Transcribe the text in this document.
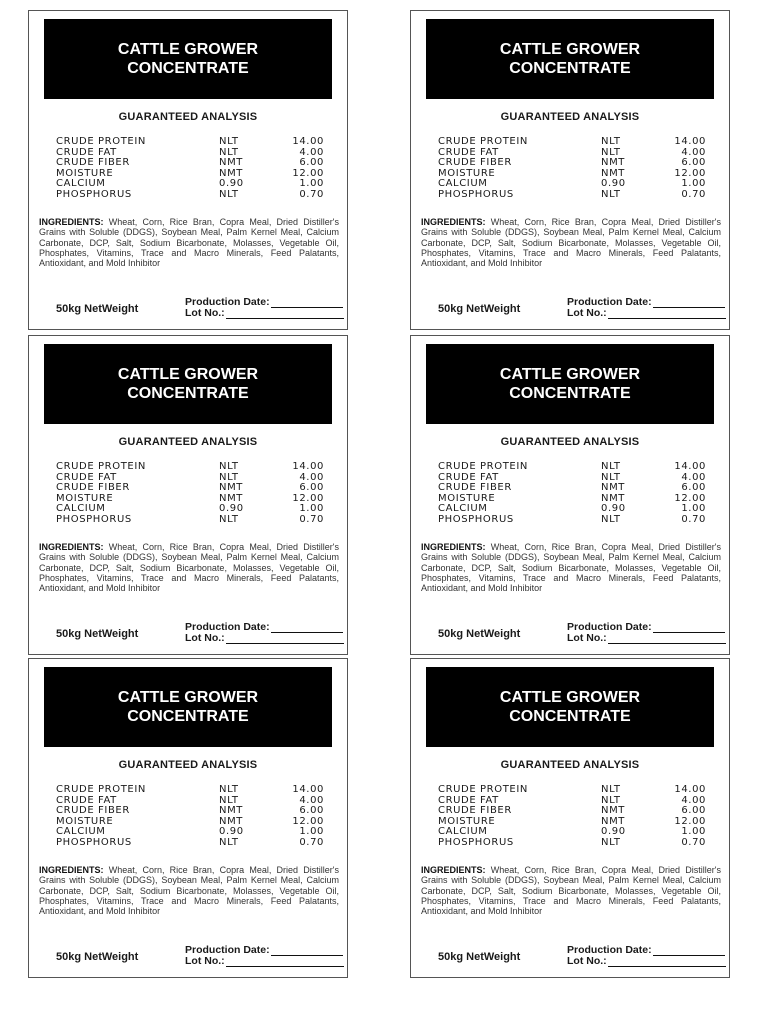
CATTLE GROWER
CONCENTRATE
GUARANTEED ANALYSIS
CRUDE PROTEIN	NLT	14.00
CRUDE FAT	NLT	4.00
CRUDE FIBER	NMT	6.00
MOISTURE	NMT	12.00
CALCIUM	0.90	1.00
PHOSPHORUS	NLT	0.70
INGREDIENTS: Wheat, Corn, Rice Bran, Copra Meal, Dried Distiller's Grains with Soluble (DDGS), Soybean Meal, Palm Kernel Meal, Calcium Carbonate, DCP, Salt, Sodium Bicarbonate, Molasses, Vegetable Oil, Phosphates, Vitamins, Trace and Macro Minerals, Feed Palatants, Antioxidant, and Mold Inhibitor
50kg NetWeight
Production Date:
Lot No.:
CATTLE GROWER
CONCENTRATE
GUARANTEED ANALYSIS
CRUDE PROTEIN	NLT	14.00
CRUDE FAT	NLT	4.00
CRUDE FIBER	NMT	6.00
MOISTURE	NMT	12.00
CALCIUM	0.90	1.00
PHOSPHORUS	NLT	0.70
INGREDIENTS: Wheat, Corn, Rice Bran, Copra Meal, Dried Distiller's Grains with Soluble (DDGS), Soybean Meal, Palm Kernel Meal, Calcium Carbonate, DCP, Salt, Sodium Bicarbonate, Molasses, Vegetable Oil, Phosphates, Vitamins, Trace and Macro Minerals, Feed Palatants, Antioxidant, and Mold Inhibitor
50kg NetWeight
Production Date:
Lot No.:
CATTLE GROWER
CONCENTRATE
GUARANTEED ANALYSIS
CRUDE PROTEIN	NLT	14.00
CRUDE FAT	NLT	4.00
CRUDE FIBER	NMT	6.00
MOISTURE	NMT	12.00
CALCIUM	0.90	1.00
PHOSPHORUS	NLT	0.70
INGREDIENTS: Wheat, Corn, Rice Bran, Copra Meal, Dried Distiller's Grains with Soluble (DDGS), Soybean Meal, Palm Kernel Meal, Calcium Carbonate, DCP, Salt, Sodium Bicarbonate, Molasses, Vegetable Oil, Phosphates, Vitamins, Trace and Macro Minerals, Feed Palatants, Antioxidant, and Mold Inhibitor
50kg NetWeight
Production Date:
Lot No.:
CATTLE GROWER
CONCENTRATE
GUARANTEED ANALYSIS
CRUDE PROTEIN	NLT	14.00
CRUDE FAT	NLT	4.00
CRUDE FIBER	NMT	6.00
MOISTURE	NMT	12.00
CALCIUM	0.90	1.00
PHOSPHORUS	NLT	0.70
INGREDIENTS: Wheat, Corn, Rice Bran, Copra Meal, Dried Distiller's Grains with Soluble (DDGS), Soybean Meal, Palm Kernel Meal, Calcium Carbonate, DCP, Salt, Sodium Bicarbonate, Molasses, Vegetable Oil, Phosphates, Vitamins, Trace and Macro Minerals, Feed Palatants, Antioxidant, and Mold Inhibitor
50kg NetWeight
Production Date:
Lot No.:
CATTLE GROWER
CONCENTRATE
GUARANTEED ANALYSIS
CRUDE PROTEIN	NLT	14.00
CRUDE FAT	NLT	4.00
CRUDE FIBER	NMT	6.00
MOISTURE	NMT	12.00
CALCIUM	0.90	1.00
PHOSPHORUS	NLT	0.70
INGREDIENTS: Wheat, Corn, Rice Bran, Copra Meal, Dried Distiller's Grains with Soluble (DDGS), Soybean Meal, Palm Kernel Meal, Calcium Carbonate, DCP, Salt, Sodium Bicarbonate, Molasses, Vegetable Oil, Phosphates, Vitamins, Trace and Macro Minerals, Feed Palatants, Antioxidant, and Mold Inhibitor
50kg NetWeight
Production Date:
Lot No.:
CATTLE GROWER
CONCENTRATE
GUARANTEED ANALYSIS
CRUDE PROTEIN	NLT	14.00
CRUDE FAT	NLT	4.00
CRUDE FIBER	NMT	6.00
MOISTURE	NMT	12.00
CALCIUM	0.90	1.00
PHOSPHORUS	NLT	0.70
INGREDIENTS: Wheat, Corn, Rice Bran, Copra Meal, Dried Distiller's Grains with Soluble (DDGS), Soybean Meal, Palm Kernel Meal, Calcium Carbonate, DCP, Salt, Sodium Bicarbonate, Molasses, Vegetable Oil, Phosphates, Vitamins, Trace and Macro Minerals, Feed Palatants, Antioxidant, and Mold Inhibitor
50kg NetWeight
Production Date:
Lot No.:
